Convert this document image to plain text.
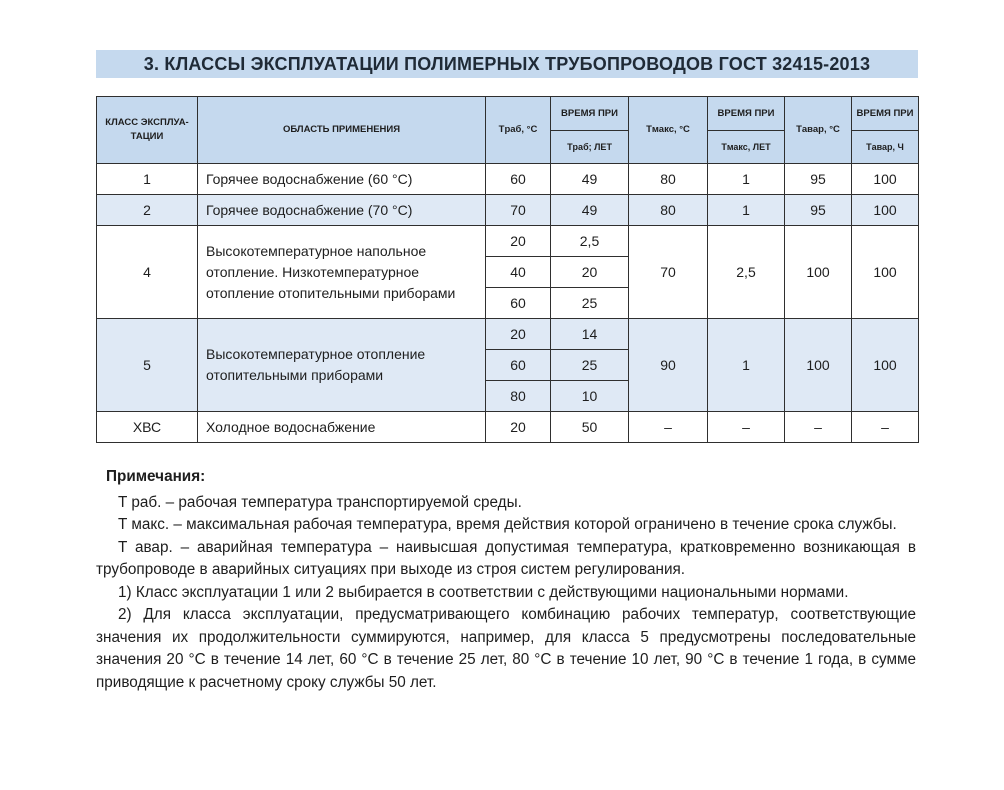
3. КЛАССЫ ЭКСПЛУАТАЦИИ ПОЛИМЕРНЫХ ТРУБОПРОВОДОВ ГОСТ 32415-2013
КЛАСС ЭКСПЛУА-ТАЦИИ	ОБЛАСТЬ ПРИМЕНЕНИЯ	Tраб, °С	ВРЕМЯ ПРИ	Tмакс, °С	ВРЕМЯ ПРИ	Tавар, °С	ВРЕМЯ ПРИ
			Tраб; ЛЕТ		Tмакс, ЛЕТ		Tавар, Ч
1	Горячее водоснабжение (60 °С)	60	49	80	1	95	100
2	Горячее водоснабжение (70 °С)	70	49	80	1	95	100
4	Высокотемпературное напольное отопление. Низкотемпературное отопление отопительными приборами	20	2,5	70	2,5	100	100
		40	20				
		60	25				
5	Высокотемпературное отопление отопительными приборами	20	14	90	1	100	100
		60	25				
		80	10				
ХВС	Холодное водоснабжение	20	50	–	–	–	–
Примечания:

T раб. – рабочая температура транспортируемой среды.

T макс. – максимальная рабочая температура, время действия которой ограничено в течение срока службы.

T авар. – аварийная температура – наивысшая допустимая температура, кратковременно возникающая в трубопроводе в аварийных ситуациях при выходе из строя систем регулирования.

1) Класс эксплуатации 1 или 2 выбирается в соответствии с действующими национальными нормами.

2) Для класса эксплуатации, предусматривающего комбинацию рабочих температур, соответствующие значения их продолжительности суммируются, например, для класса 5 предусмотрены последовательные значения 20 °С в течение 14 лет, 60 °С в течение 25 лет, 80 °С в течение 10 лет, 90 °С в течение 1 года, в сумме приводящие к расчетному сроку службы 50 лет.
